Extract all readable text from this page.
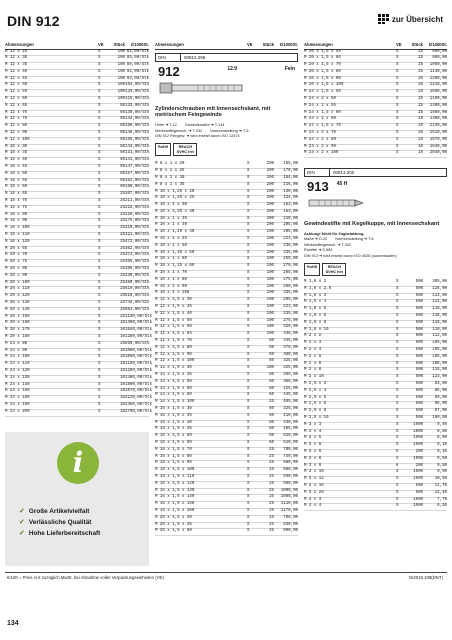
DIN 912	zur Übersicht
Abmessungen	VE	Stück	€/1000St.
M 12 x 25	S	100 81,00/Stk
M 12 x 30	S	100 85,00/Stk
M 12 x 35	S	100 89,00/Stk
M 12 x 40	S	100 92,00/Stk
M 12 x 45	S	100 82,00/Stk
M 12 x 50	S	100 104,00/Stk
M 12 x 55	S	100 133,00/Stk
M 12 x 60	S	100 115,00/Stk
M 12 x 65	S	50 133,00/Stk
M 12 x 70	S	50 139,00/Stk
M 12 x 75	S	50 144,00/Stk
M 12 x 80	S	50 150,00/Stk
M 12 x 90	S	50 148,00/Stk
M 12 x 100	S	50 165,00/Stk
M 16 x 30	S	50 143,00/Stk
M 16 x 35	S	50 131,00/Stk
M 16 x 40	S	50 141,00/Stk
M 16 x 45	S	50 147,00/Stk
M 16 x 50	S	50 157,00/Stk
M 16 x 55	S	50 162,00/Stk
M 16 x 60	S	50 190,00/Stk
M 16 x 65	S	25 207,00/Stk
M 16 x 70	S	25 211,00/Stk
M 16 x 75	S	25 222,00/Stk
M 16 x 80	S	25 228,00/Stk
M 16 x 90	S	25 275,00/Stk
M 16 x 100	S	25 310,00/Stk
M 16 x 110	S	25 321,00/Stk
M 16 x 120	S	25 472,00/Stk
M 20 x 65	S	25 362,00/Stk
M 20 x 70	S	25 373,00/Stk
M 20 x 75	S	25 365,00/Stk
M 20 x 80	S	25 395,00/Stk
M 20 x 90	S	25 430,00/Stk
M 20 x 100	S	25 480,00/Stk
M 20 x 110	S	25 510,00/Stk
M 20 x 120	S	25 610,00/Stk
M 20 x 130	S	25 742,00/Stk
M 20 x 140	S	25 983,00/Stk
M 20 x 150	S	25 1130,00/Stk
M 20 x 160	S	10 1360,00/Stk
M 20 x 170	S	10 1640,00/Stk
M 20 x 180	S	10 1280,00/Stk
M 24 x 80	S	25 860,00/Stk
M 24 x 90	S	10 1080,00/Stk
M 24 x 100	S	10 1050,00/Stk
M 24 x 110	S	10 1150,00/Stk
M 24 x 120	S	10 1280,00/Stk
M 24 x 130	S	10 1480,00/Stk
M 24 x 140	S	10 1800,00/Stk
M 24 x 150	S	10 2070,00/Stk
M 24 x 160	S	10 2210,00/Stk
M 24 x 180	S	10 2350,00/Stk
M 24 x 200	S	10 2760,00/Stk
i
✓ Große Artikelvielfalt
✓ Verlässliche Qualität
✓ Hohe Lieferbereitschaft
Abmessungen	VE	Stück	€/1000St.
DIN	00912.295
912	12.9	Fein
Zylinderschrauben mit Innensechskant, mit metrischem Feingewinde
Höhe ➜ T-12 Gewindemaße ➜ T-144
Werkstoffeigensch. ➜ T-232 Normumstellung ➜ T-5
DIN 912 Feingew. ➜ wird ersetzt durch ISO 12474
RoHS	REACH SVHC frei
M 8 x 1 x 20	S	200	165,00
M 8 x 1 x 25	S	200	170,00
M 8 x 1 x 30	S	200	184,00
M 8 x 1 x 35	S	200	216,00
M 10 x 1,25 x 20	S	200	130,00
M 10 x 1,25 x 25	S	200	134,00
M 10 x 1 x 30	S	200	163,00
M 10 x 1,25 x 30	S	200	163,00
M 10 x 1 x 35	S	200	210,00
M 10 x 1 x 40	S	200	205,00
M 10 x 1,25 x 40	S	100	205,00
M 10 x 1 x 45	S	100	223,00
M 10 x 1 x 50	S	100	235,00
M 10 x 1,25 x 50	S	100	235,00
M 10 x 1 x 60	S	100	255,00
M 10 x 1,25 x 60	S	100	270,00
M 10 x 1 x 70	S	100	265,00
M 10 x 1 x 80	S	100	275,00
M 10 x 1 x 90	S	100	280,00
M 10 x 1 x 100	S	100	335,00
M 12 x 1,5 x 30	S	100	205,00
M 12 x 1,5 x 35	S	100	223,00
M 12 x 1,5 x 40	S	100	235,00
M 12 x 1,5 x 50	S	100	275,00
M 12 x 1,5 x 60	S	100	320,00
M 12 x 1,5 x 65	S	100	345,00
M 12 x 1,5 x 70	S	50	345,00
M 12 x 1,5 x 80	S	50	370,00
M 12 x 1,5 x 90	S	50	380,00
M 12 x 1,5 x 100	S	50	325,00
M 14 x 1,5 x 40	S	100	325,00
M 14 x 1,5 x 45	S	50	355,00
M 14 x 1,5 x 50	S	50	385,00
M 14 x 1,5 x 60	S	50	425,00
M 14 x 1,5 x 80	S	50	445,00
M 14 x 1,5 x 100	S	25	485,00
M 16 x 1,5 x 30	S	50	325,00
M 16 x 1,5 x 35	S	50	410,00
M 16 x 1,5 x 40	S	50	430,00
M 16 x 1,5 x 45	S	50	485,00
M 16 x 1,5 x 50	S	50	520,00
M 16 x 1,5 x 60	S	50	610,00
M 16 x 1,5 x 70	S	25	700,00
M 16 x 1,5 x 80	S	25	740,00
M 16 x 1,5 x 90	S	25	880,00
M 16 x 1,5 x 100	S	25	880,00
M 16 x 1,5 x 110	S	25	930,00
M 16 x 1,5 x 120	S	25	960,00
M 16 x 1,5 x 130	S	25	1000,00
M 16 x 1,5 x 140	S	25	1060,00
M 16 x 1,5 x 150	S	25	1110,00
M 16 x 1,5 x 160	S	25	1170,00
M 20 x 1,5 x 40	S	25	790,00
M 20 x 1,5 x 45	S	25	830,00
M 20 x 1,5 x 50	S	25	890,00
Abmessungen	VE	Stück	€/1000St.
M 20 x 1,5 x 55	S	25	960,00
M 20 x 1,5 x 60	S	25	960,00
M 20 x 1,5 x 70	S	25	1050,00
M 20 x 1,5 x 80	S	25	1140,00
M 20 x 1,5 x 90	S	25	1280,00
M 20 x 1,5 x 100	S	25	1410,00
M 24 x 1,5 x 50	S	25	1650,00
M 24 x 2 x 50	S	25	1190,00
M 24 x 2 x 55	S	25	1300,00
M 24 x 1,5 x 60	S	25	1980,00
M 24 x 2 x 60	S	25	1360,00
M 24 x 1,5 x 70	S	25	2230,00
M 24 x 2 x 70	S	25	1510,00
M 24 x 2 x 80	S	25	1570,00
M 24 x 2 x 90	S	10	1840,00
M 24 x 2 x 100	S	10	2040,00
DIN	00913.200
913 45 H
Gewindestifte mit Kegelkuppe, mit Innensechskant
Achtung! Nicht für Zugbelastung.
Maße ➜ D-20 Normumstellung ➜ T-6
Werkstoffeigensch. ➜ T-332
Rostfrei ➜ S-682
DIN 913 ➜ wird ersetzt durch ISO 4026 (ausverkaufen)
RoHS	REACH SVHC frei
M 1,6 x 2	S	500	305,00
M 1,6 x 2,5	S	500	128,00
M 1,6 x 3	S	500	113,00
M 1,6 x 4	S	500	112,00
M 1,6 x 5	S	500	118,00
M 1,6 x 6	S	500	118,00
M 1,6 x 8	S	500	119,00
M 1,6 x 10	S	500	119,00
M 2 x 2	S	500	112,00
M 2 x 3	S	500	105,00
M 2 x 4	S	500	105,00
M 2 x 5	S	500	105,00
M 2 x 6	S	500	108,00
M 2 x 8	S	500	115,00
M 2 x 10	S	500	123,00
M 2,5 x 3	S	500	83,00
M 2,5 x 4	S	500	86,00
M 2,5 x 5	S	500	89,00
M 2,5 x 6	S	500	96,00
M 2,5 x 8	S	500	97,00
M 2,5 x 10	S	500	100,00
M 3 x 3	S	1000	9,40
M 3 x 4	S	1000	8,80
M 3 x 5	S	1000	8,90
M 3 x 6	S	1000	9,10
M 3 x 6	€	200	9,10
M 3 x 8	S	1000	9,50
M 3 x 8	€	200	9,50
M 3 x 10	S	1000	9,90
M 3 x 12	S	1000	10,50
M 3 x 16	S	500	11,70
M 3 x 20	S	500	12,40
M 4 x 3	S	1000	7,70
M 4 x 4	S	1000	8,20
€/100 = Preis in € zuzüglich MwSt. bei Abnahme voller Verpackungseinheiten (VE)	N/2019.108(DNT)
134
